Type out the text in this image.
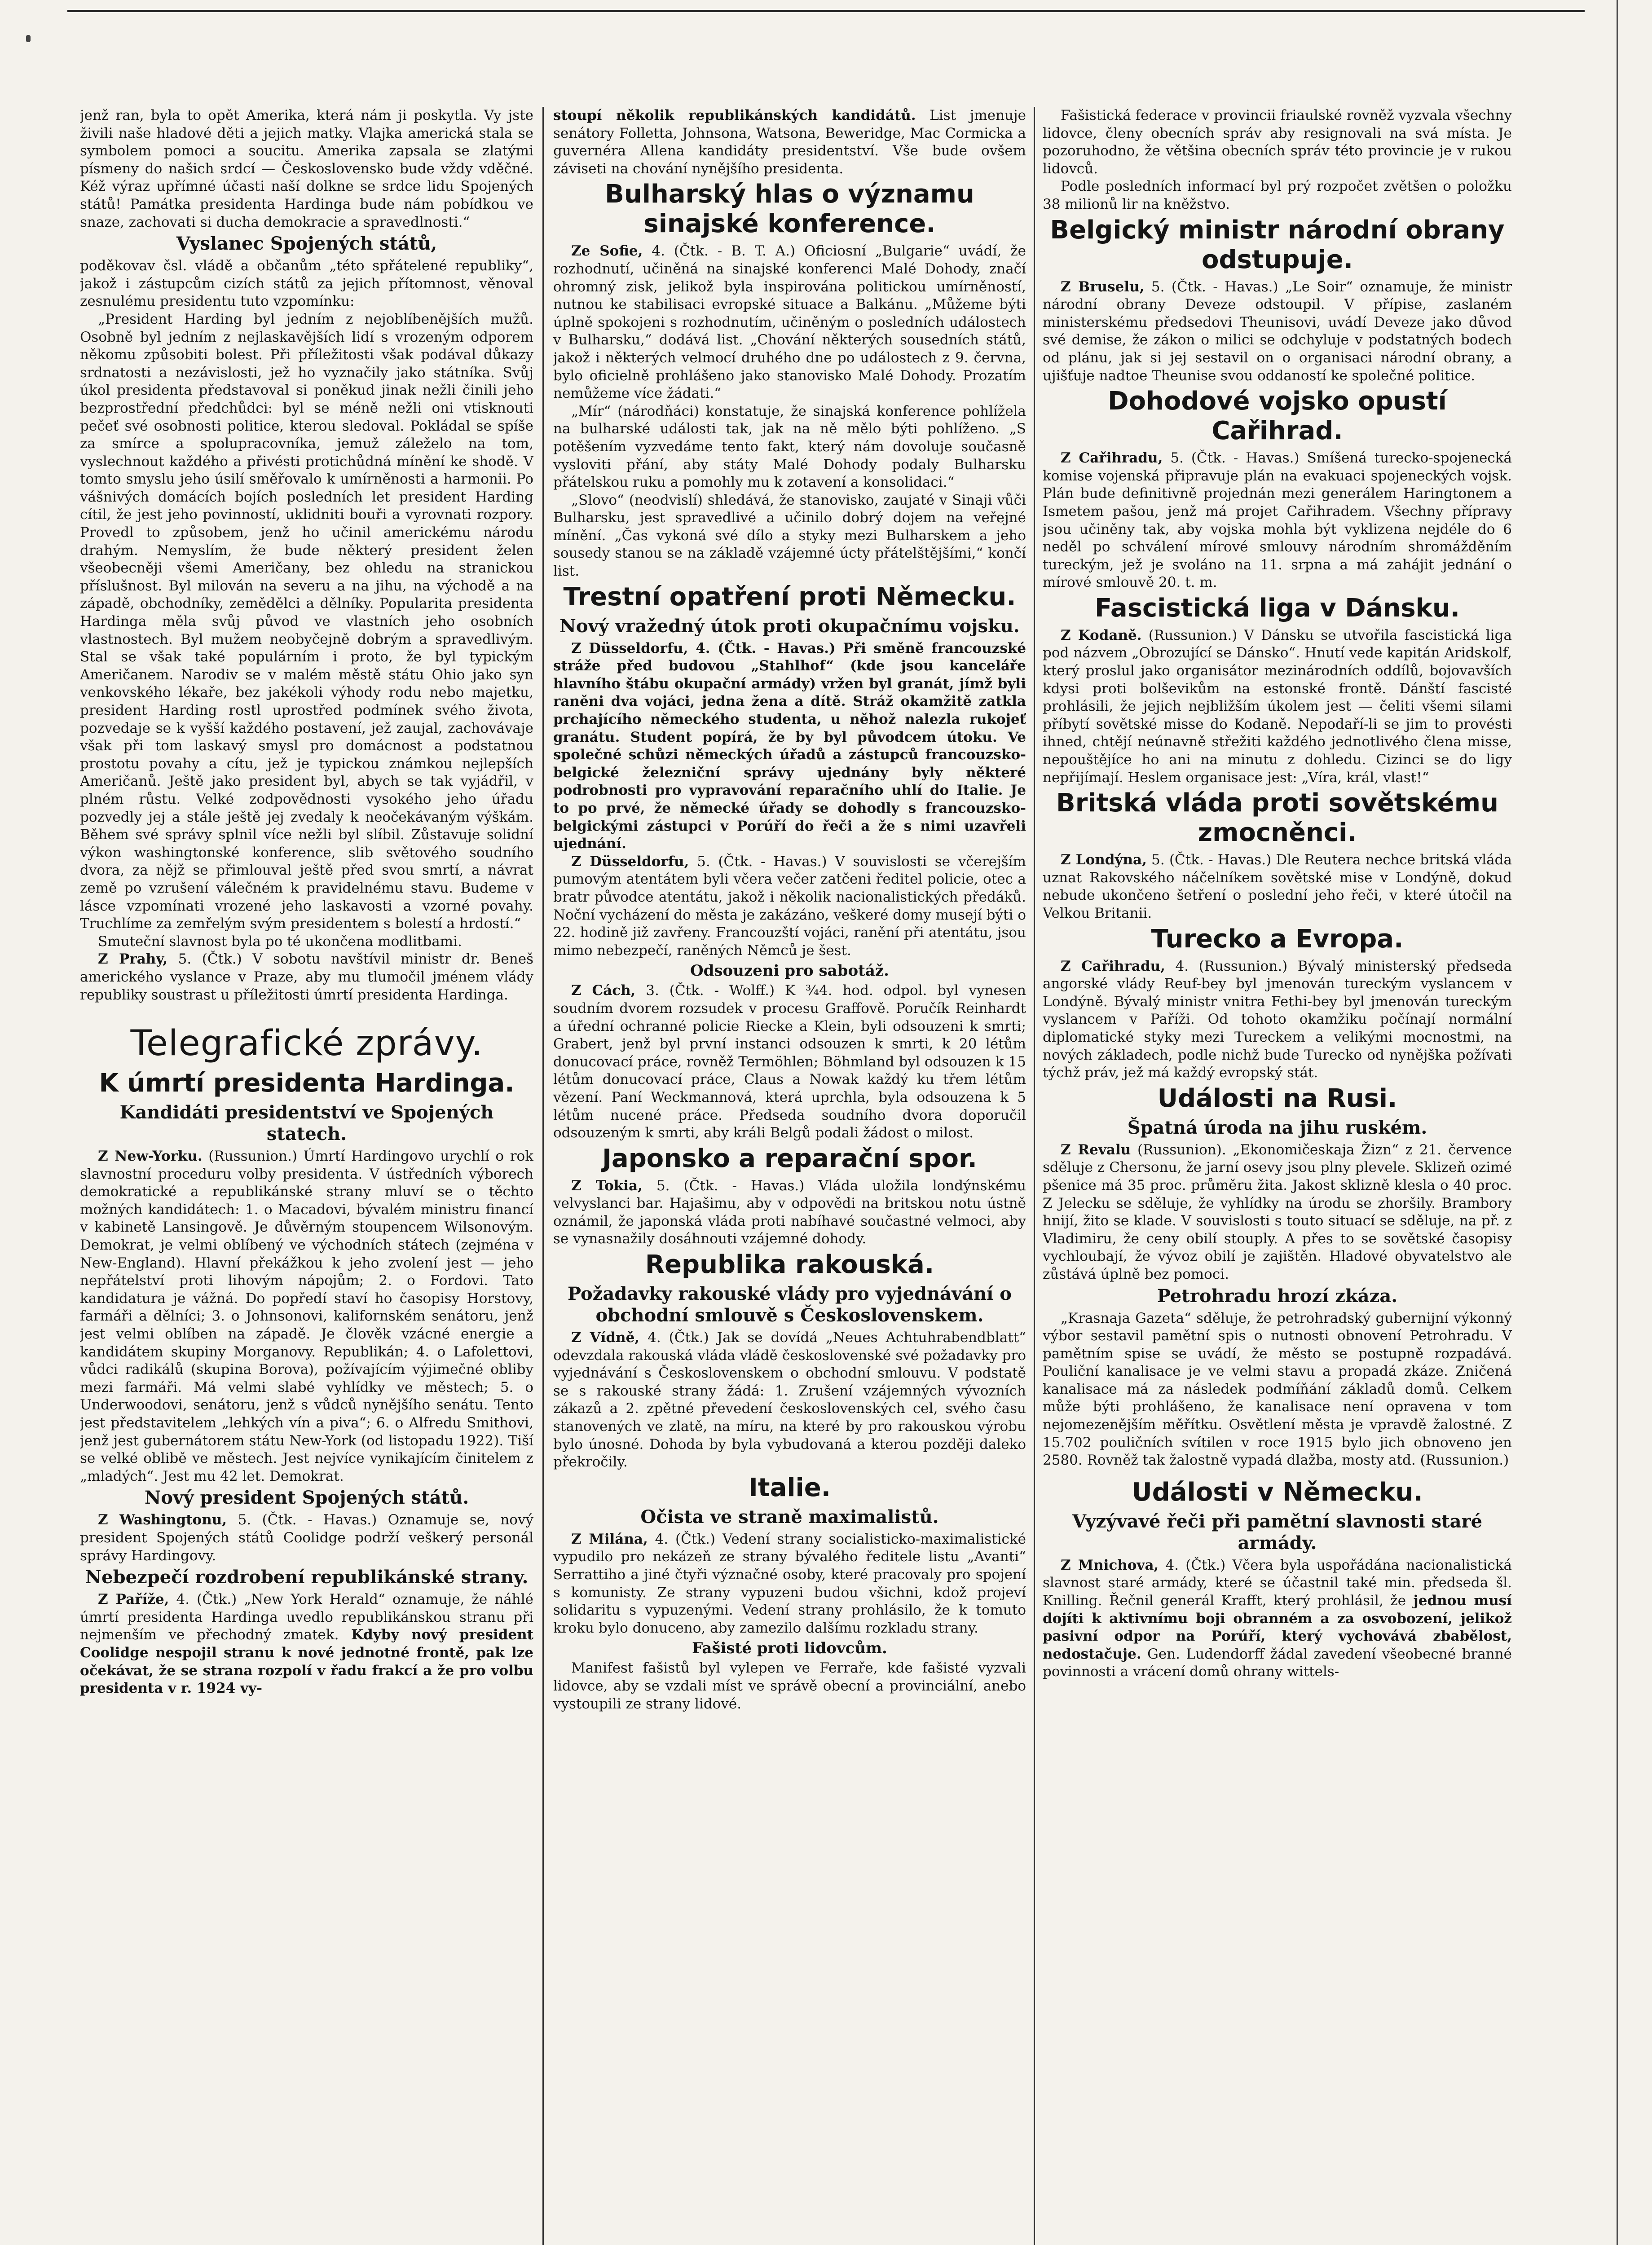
jenž ran, byla to opět Amerika, která nám ji poskytla. Vy jste živili naše hladové děti a jejich matky. Vlajka americká stala se symbolem pomoci a soucitu. Amerika zapsala se zlatými písmeny do našich srdcí — Československo bude vždy vděčné. Kéž výraz upřímné účasti naší dolkne se srdce lidu Spojených států! Památka presidenta Hardinga bude nám pobídkou ve snaze, zachovati si ducha demokracie a spravedlnosti.“

Vyslanec Spojených států,

poděkovav čsl. vládě a občanům „této spřátelené republiky“, jakož i zástupcům cizích států za jejich přítomnost, věnoval zesnulému presidentu tuto vzpomínku:

„President Harding byl jedním z nejoblíbenějších mužů. Osobně byl jedním z nejlaskavějších lidí s vrozeným odporem někomu způsobiti bolest. Při příležitosti však podával důkazy srdnatosti a nezávislosti, jež ho vyznačily jako státníka. Svůj úkol presidenta představoval si poněkud jinak nežli činili jeho bezprostřední předchůdci: byl se méně nežli oni vtisknouti pečeť své osobnosti politice, kterou sledoval. Pokládal se spíše za smírce a spolupracovníka, jemuž záleželo na tom, vyslechnout každého a přivésti protichůdná mínění ke shodě. V tomto smyslu jeho úsilí směřovalo k umírněnosti a harmonii. Po vášnivých domácích bojích posledních let president Harding cítil, že jest jeho povinností, uklidniti bouři a vyrovnati rozpory. Provedl to způsobem, jenž ho učinil americkému národu drahým. Nemyslím, že bude některý president želen všeobecněji všemi Američany, bez ohledu na stranickou příslušnost. Byl milován na severu a na jihu, na východě a na západě, obchodníky, zemědělci a dělníky. Popularita presidenta Hardinga měla svůj původ ve vlastních jeho osobních vlastnostech. Byl mužem neobyčejně dobrým a spravedlivým. Stal se však také populárním i proto, že byl typickým Američanem. Narodiv se v malém městě státu Ohio jako syn venkovského lékaře, bez jakékoli výhody rodu nebo majetku, president Harding rostl uprostřed podmínek svého života, pozvedaje se k vyšší každého postavení, jež zaujal, zachovávaje však při tom laskavý smysl pro domácnost a podstatnou prostotu povahy a cítu, jež je typickou známkou nejlepších Američanů. Ještě jako president byl, abych se tak vyjádřil, v plném růstu. Velké zodpovědnosti vysokého jeho úřadu pozvedly jej a stále ještě jej zvedaly k neočekávaným výškám. Během své správy splnil více nežli byl slíbil. Zůstavuje solidní výkon washingtonské konference, slib světového soudního dvora, za nějž se přimlouval ještě před svou smrtí, a návrat země po vzrušení válečném k pravidelnému stavu. Budeme v lásce vzpomínati vrozené jeho laskavosti a vzorné povahy. Truchlíme za zemřelým svým presidentem s bolestí a hrdostí.“

Smuteční slavnost byla po té ukončena modlitbami.

Z Prahy, 5. (Čtk.) V sobotu navštívil ministr dr. Beneš amerického vyslance v Praze, aby mu tlumočil jménem vlády republiky soustrast u příležitosti úmrtí presidenta Hardinga.

Telegrafické zprávy.
K úmrtí presidenta Hardinga.
Kandidáti presidentství ve Spojených statech.

Z New-Yorku. (Russunion.) Úmrtí Hardingovo urychlí o rok slavnostní proceduru volby presidenta. V ústředních výborech demokratické a republikánské strany mluví se o těchto možných kandidátech: 1. o Macadovi, bývalém ministru financí v kabinetě Lansingově. Je důvěrným stoupencem Wilsonovým. Demokrat, je velmi oblíbený ve východních státech (zejména v New-England). Hlavní překážkou k jeho zvolení jest — jeho nepřátelství proti lihovým nápojům; 2. o Fordovi. Tato kandidatura je vážná. Do popředí staví ho časopisy Horstovy, farmáři a dělníci; 3. o Johnsonovi, kalifornském senátoru, jenž jest velmi oblíben na západě. Je člověk vzácné energie a kandidátem skupiny Morganovy. Republikán; 4. o Lafolettovi, vůdci radikálů (skupina Borova), požívajícím výjimečné obliby mezi farmáři. Má velmi slabé vyhlídky ve městech; 5. o Underwoodovi, senátoru, jenž s vůdců nynějšího senátu. Tento jest představitelem „lehkých vín a piva“; 6. o Alfredu Smithovi, jenž jest gubernátorem státu New-York (od listopadu 1922). Tiší se velké oblibě ve městech. Jest nejvíce vynikajícím činitelem z „mladých“. Jest mu 42 let. Demokrat.

Nový president Spojených států.

Z Washingtonu, 5. (Čtk. - Havas.) Oznamuje se, nový president Spojených států Coolidge podrží veškerý personál správy Hardingovy.

Nebezpečí rozdrobení republikánské strany.

Z Paříže, 4. (Čtk.) „New York Herald“ oznamuje, že náhlé úmrtí presidenta Hardinga uvedlo republikánskou stranu při nejmenším ve přechodný zmatek. Kdyby nový president Coolidge nespojil stranu k nové jednotné frontě, pak lze očekávat, že se strana rozpolí v řadu frakcí a že pro volbu presidenta v r. 1924 vy-

stoupí několik republikánských kandidátů. List jmenuje senátory Folletta, Johnsona, Watsona, Beweridge, Mac Cormicka a guvernéra Allena kandidáty presidentství. Vše bude ovšem záviseti na chování nynějšího presidenta.

Bulharský hlas o významu sinajské konference.

Ze Sofie, 4. (Čtk. - B. T. A.) Oficiosní „Bulgarie“ uvádí, že rozhodnutí, učiněná na sinajské konferenci Malé Dohody, značí ohromný zisk, jelikož byla inspirována politickou umírněností, nutnou ke stabilisaci evropské situace a Balkánu. „Můžeme býti úplně spokojeni s rozhodnutím, učiněným o posledních událostech v Bulharsku,“ dodává list. „Chování některých sousedních států, jakož i některých velmocí druhého dne po událostech z 9. června, bylo oficielně prohlášeno jako stanovisko Malé Dohody. Prozatím nemůžeme více žádati.“

„Mír“ (národňáci) konstatuje, že sinajská konference pohlížela na bulharské události tak, jak na ně mělo býti pohlíženo. „S potěšením vyzvedáme tento fakt, který nám dovoluje současně vysloviti přání, aby státy Malé Dohody podaly Bulharsku přátelskou ruku a pomohly mu k zotavení a konsolidaci.“

„Slovo“ (neodvislí) shledává, že stanovisko, zaujaté v Sinaji vůči Bulharsku, jest spravedlivé a učinilo dobrý dojem na veřejné mínění. „Čas vykoná své dílo a styky mezi Bulharskem a jeho sousedy stanou se na základě vzájemné úcty přátelštějšími,“ končí list.

Trestní opatření proti Německu.
Nový vražedný útok proti okupačnímu vojsku.

Z Düsseldorfu, 4. (Čtk. - Havas.) Při směně francouzské stráže před budovou „Stahlhof“ (kde jsou kanceláře hlavního štábu okupační armády) vržen byl granát, jímž byli raněni dva vojáci, jedna žena a dítě. Stráž okamžitě zatkla prchajícího německého studenta, u něhož nalezla rukojeť granátu. Student popírá, že by byl původcem útoku. Ve společné schůzi německých úřadů a zástupců francouzsko-belgické železniční správy ujednány byly některé podrobnosti pro vypravování reparačního uhlí do Italie. Je to po prvé, že německé úřady se dohodly s francouzsko-belgickými zástupci v Porúří do řeči a že s nimi uzavřeli ujednání.

Z Düsseldorfu, 5. (Čtk. - Havas.) V souvislosti se včerejším pumovým atentátem byli včera večer zatčeni ředitel policie, otec a bratr původce atentátu, jakož i několik nacionalistických předáků. Noční vycházení do města je zakázáno, veškeré domy musejí býti o 22. hodině již zavřeny. Francouzští vojáci, ranění při atentátu, jsou mimo nebezpečí, raněných Němců je šest.

Odsouzeni pro sabotáž.

Z Cách, 3. (Čtk. - Wolff.) K ¾4. hod. odpol. byl vynesen soudním dvorem rozsudek v procesu Graffově. Poručík Reinhardt a úřední ochranné policie Riecke a Klein, byli odsouzeni k smrti; Grabert, jenž byl první instanci odsouzen k smrti, k 20 létům donucovací práce, rovněž Termöhlen; Böhmland byl odsouzen k 15 létům donucovací práce, Claus a Nowak každý ku třem létům vězení. Paní Weckmannová, která uprchla, byla odsouzena k 5 létům nucené práce. Předseda soudního dvora doporučil odsouzeným k smrti, aby králi Belgů podali žádost o milost.

Japonsko a reparační spor.

Z Tokia, 5. (Čtk. - Havas.) Vláda uložila londýnskému velvyslanci bar. Hajašimu, aby v odpovědi na britskou notu ústně oznámil, že japonská vláda proti nabíhavé součastné velmoci, aby se vynasnažily dosáhnouti vzájemné dohody.

Republika rakouská.
Požadavky rakouské vlády pro vyjednávání o obchodní smlouvě s Československem.

Z Vídně, 4. (Čtk.) Jak se dovídá „Neues Achtuhrabendblatt“ odevzdala rakouská vláda vládě československé své požadavky pro vyjednávání s Československem o obchodní smlouvu. V podstatě se s rakouské strany žádá: 1. Zrušení vzájemných vývozních zákazů a 2. zpětné převedení československých cel, svého času stanovených ve zlatě, na míru, na které by pro rakouskou výrobu bylo únosné. Dohoda by byla vybudovaná a kterou později daleko překročily.

Italie.
Očista ve straně maximalistů.

Z Milána, 4. (Čtk.) Vedení strany socialisticko-maximalistické vypudilo pro nekázeň ze strany bývalého ředitele listu „Avanti“ Serrattiho a jiné čtyři význačné osoby, které pracovaly pro spojení s komunisty. Ze strany vypuzeni budou všichni, kdož projeví solidaritu s vypuzenými. Vedení strany prohlásilo, že k tomuto kroku bylo donuceno, aby zamezilo dalšímu rozkladu strany.

Fašisté proti lidovcům.

Manifest fašistů byl vylepen ve Ferraře, kde fašisté vyzvali lidovce, aby se vzdali míst ve správě obecní a provinciální, anebo vystoupili ze strany lidové.

Fašistická federace v provincii friaulské rovněž vyzvala všechny lidovce, členy obecních správ aby resignovali na svá místa. Je pozoruhodno, že většina obecních správ této provincie je v rukou lidovců.

Podle posledních informací byl prý rozpočet zvětšen o položku 38 milionů lir na kněžstvo.

Belgický ministr národní obrany odstupuje.

Z Bruselu, 5. (Čtk. - Havas.) „Le Soir“ oznamuje, že ministr národní obrany Deveze odstoupil. V přípise, zaslaném ministerskému předsedovi Theunisovi, uvádí Deveze jako důvod své demise, že zákon o milici se odchyluje v podstatných bodech od plánu, jak si jej sestavil on o organisaci národní obrany, a ujišťuje nadtoe Theunise svou oddaností ke společné politice.

Dohodové vojsko opustí Cařihrad.

Z Cařihradu, 5. (Čtk. - Havas.) Smíšená turecko-spojenecká komise vojenská připravuje plán na evakuaci spojeneckých vojsk. Plán bude definitivně projednán mezi generálem Haringtonem a Ismetem pašou, jenž má projet Cařihradem. Všechny přípravy jsou učiněny tak, aby vojska mohla být vyklizena nejdéle do 6 neděl po schválení mírové smlouvy národním shromážděním tureckým, jež je svoláno na 11. srpna a má zahájit jednání o mírové smlouvě 20. t. m.

Fascistická liga v Dánsku.

Z Kodaně. (Russunion.) V Dánsku se utvořila fascistická liga pod názvem „Obrozující se Dánsko“. Hnutí vede kapitán Aridskolf, který proslul jako organisátor mezinárodních oddílů, bojovavších kdysi proti bolševikům na estonské frontě. Dánští fascisté prohlásili, že jejich nejbližším úkolem jest — čeliti všemi silami příbytí sovětské misse do Kodaně. Nepodaří-li se jim to provésti ihned, chtějí neúnavně střežiti každého jednotlivého člena misse, nepouštějíce ho ani na minutu z dohledu. Cizinci se do ligy nepřijímají. Heslem organisace jest: „Víra, král, vlast!“

Britská vláda proti sovětskému zmocněnci.

Z Londýna, 5. (Čtk. - Havas.) Dle Reutera nechce britská vláda uznat Rakovského náčelníkem sovětské mise v Londýně, dokud nebude ukončeno šetření o poslední jeho řeči, v které útočil na Velkou Britanii.

Turecko a Evropa.

Z Cařihradu, 4. (Russunion.) Bývalý ministerský předseda angorské vlády Reuf-bey byl jmenován tureckým vyslancem v Londýně. Bývalý ministr vnitra Fethi-bey byl jmenován tureckým vyslancem v Paříži. Od tohoto okamžiku počínají normální diplomatické styky mezi Tureckem a velikými mocnostmi, na nových základech, podle nichž bude Turecko od nynějška požívati týchž práv, jež má každý evropský stát.

Události na Rusi.
Špatná úroda na jihu ruském.

Z Revalu (Russunion). „Ekonomičeskaja Žizn“ z 21. července sděluje z Chersonu, že jarní osevy jsou plny plevele. Sklizeň ozimé pšenice má 35 proc. průměru žita. Jakost sklizně klesla o 40 proc. Z Jelecku se sděluje, že vyhlídky na úrodu se zhoršily. Brambory hnijí, žito se klade. V souvislosti s touto situací se sděluje, na př. z Vladimiru, že ceny obilí stouply. A přes to se sovětské časopisy vychloubají, že vývoz obilí je zajištěn. Hladové obyvatelstvo ale zůstává úplně bez pomoci.

Petrohradu hrozí zkáza.

„Krasnaja Gazeta“ sděluje, že petrohradský gubernijní výkonný výbor sestavil pamětní spis o nutnosti obnovení Petrohradu. V pamětním spise se uvádí, že město se postupně rozpadává. Pouliční kanalisace je ve velmi stavu a propadá zkáze. Zničená kanalisace má za následek podmíňání základů domů. Celkem může býti prohlášeno, že kanalisace není opravena v tom nejomezenějším měřítku. Osvětlení města je vpravdě žalostné. Z 15.702 pouličních svítilen v roce 1915 bylo jich obnoveno jen 2580. Rovněž tak žalostně vypadá dlažba, mosty atd. (Russunion.)

Události v Německu.
Vyzývavé řeči při pamětní slavnosti staré armády.

Z Mnichova, 4. (Čtk.) Včera byla uspořádána nacionalistická slavnost staré armády, které se účastnil také min. předseda šl. Knilling. Řečnil generál Krafft, který prohlásil, že jednou musí dojíti k aktivnímu boji obranném a za osvobození, jelikož pasivní odpor na Porúří, který vychovává zbabělost, nedostačuje. Gen. Ludendorff žádal zavedení všeobecné branné povinnosti a vrácení domů ohrany wittels-
